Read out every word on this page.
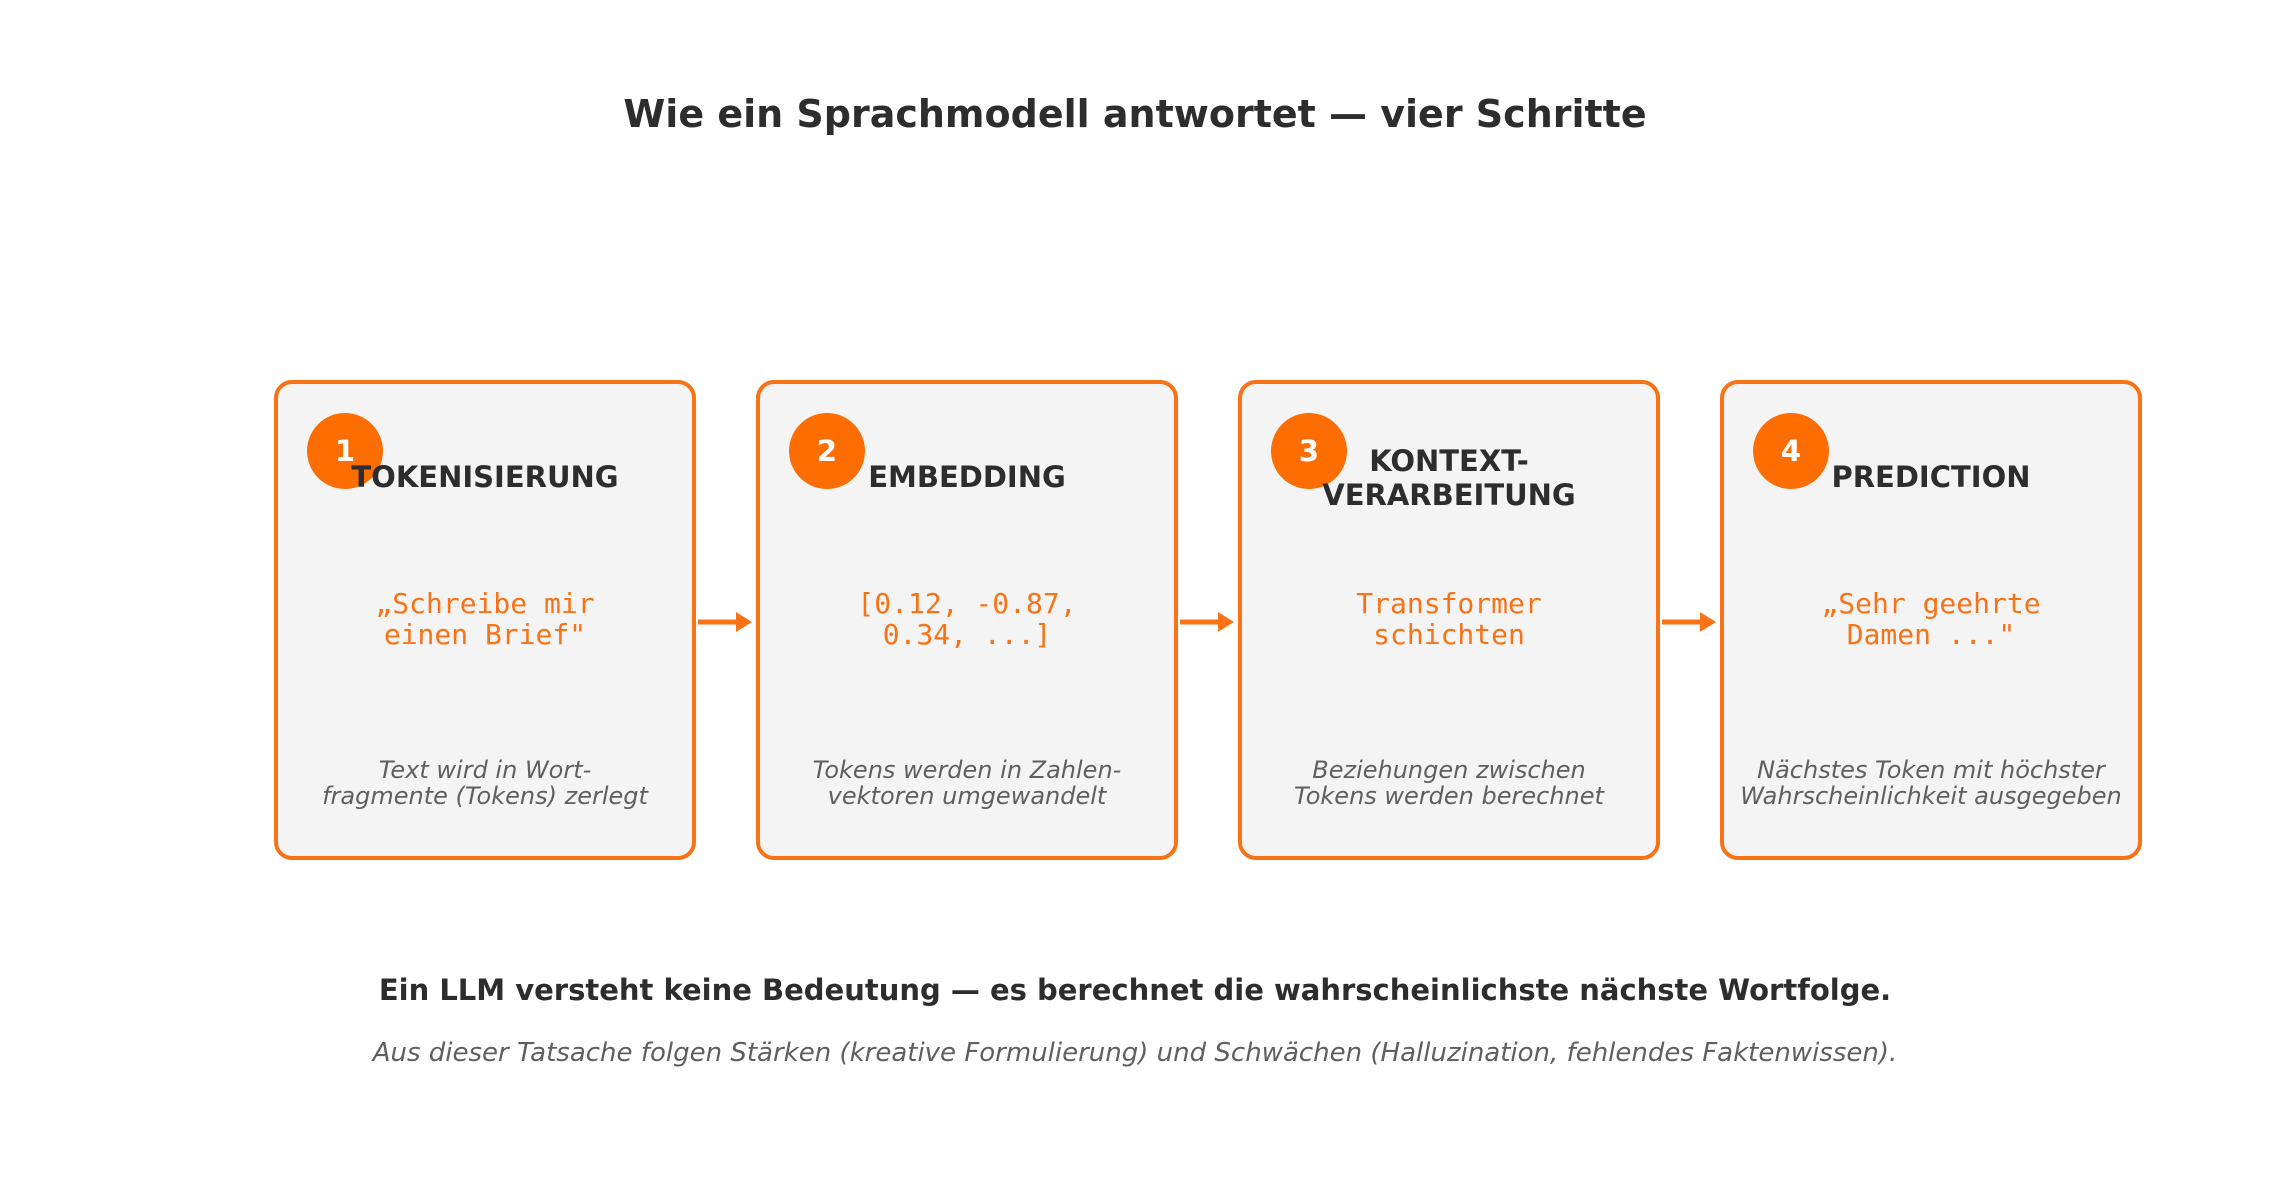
Wie ein Sprachmodell antwortet — vier Schritte
1
TOKENISIERUNG
„Schreibe mir
einen Brief"
Text wird in Wort-
fragmente (Tokens) zerlegt
2
EMBEDDING
[0.12, -0.87,
0.34, ...]
Tokens werden in Zahlen-
vektoren umgewandelt
3	KONTEXT-
VERARBEITUNG
Transformer
schichten
Beziehungen zwischen
Tokens werden berechnet
4
PREDICTION
„Sehr geehrte
Damen ..."
Nächstes Token mit höchster
Wahrscheinlichkeit ausgegeben
Ein LLM versteht keine Bedeutung — es berechnet die wahrscheinlichste nächste Wortfolge.
Aus dieser Tatsache folgen Stärken (kreative Formulierung) und Schwächen (Halluzination, fehlendes Faktenwissen).
